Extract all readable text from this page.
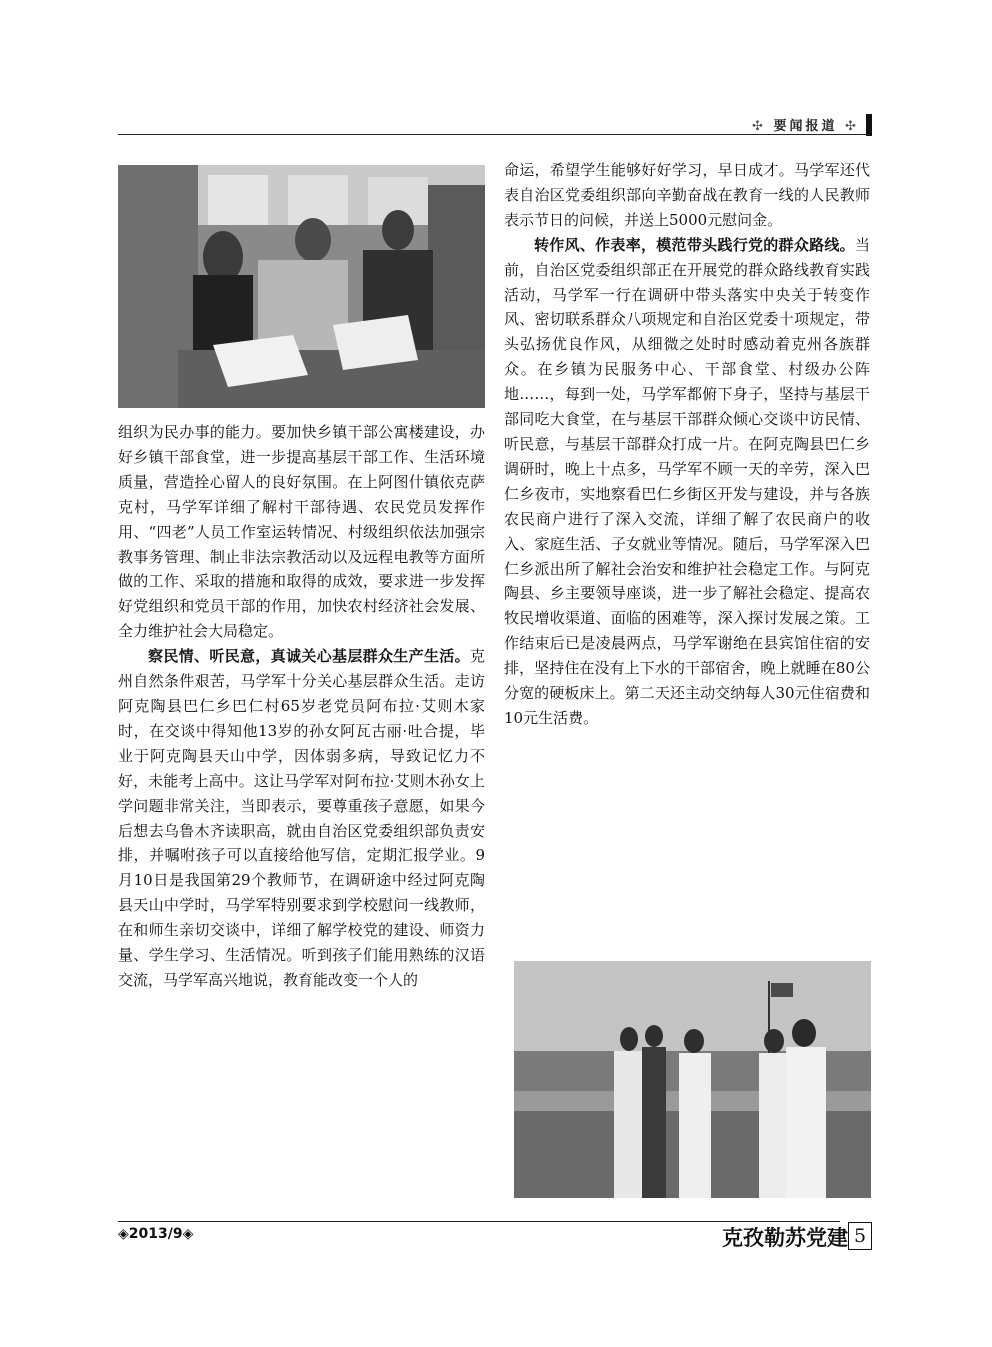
✣ 要闻报道 ✣

组织为民办事的能力。要加快乡镇干部公寓楼建设，办好乡镇干部食堂，进一步提高基层干部工作、生活环境质量，营造拴心留人的良好氛围。在上阿图什镇依克萨克村，马学军详细了解村干部待遇、农民党员发挥作用、“四老”人员工作室运转情况、村级组织依法加强宗教事务管理、制止非法宗教活动以及远程电教等方面所做的工作、采取的措施和取得的成效，要求进一步发挥好党组织和党员干部的作用，加快农村经济社会发展、全力维护社会大局稳定。

察民情、听民意，真诚关心基层群众生产生活。克州自然条件艰苦，马学军十分关心基层群众生活。走访阿克陶县巴仁乡巴仁村65岁老党员阿布拉·艾则木家时，在交谈中得知他13岁的孙女阿瓦古丽·吐合提，毕业于阿克陶县天山中学，因体弱多病，导致记忆力不好，未能考上高中。这让马学军对阿布拉·艾则木孙女上学问题非常关注，当即表示，要尊重孩子意愿，如果今后想去乌鲁木齐读职高，就由自治区党委组织部负责安排，并嘱咐孩子可以直接给他写信，定期汇报学业。9月10日是我国第29个教师节，在调研途中经过阿克陶县天山中学时，马学军特别要求到学校慰问一线教师，在和师生亲切交谈中，详细了解学校党的建设、师资力量、学生学习、生活情况。听到孩子们能用熟练的汉语交流，马学军高兴地说，教育能改变一个人的

命运，希望学生能够好好学习，早日成才。马学军还代表自治区党委组织部向辛勤奋战在教育一线的人民教师表示节日的问候，并送上5000元慰问金。

转作风、作表率，模范带头践行党的群众路线。当前，自治区党委组织部正在开展党的群众路线教育实践活动，马学军一行在调研中带头落实中央关于转变作风、密切联系群众八项规定和自治区党委十项规定，带头弘扬优良作风，从细微之处时时感动着克州各族群众。在乡镇为民服务中心、干部食堂、村级办公阵地……，每到一处，马学军都俯下身子，坚持与基层干部同吃大食堂，在与基层干部群众倾心交谈中访民情、听民意，与基层干部群众打成一片。在阿克陶县巴仁乡调研时，晚上十点多，马学军不顾一天的辛劳，深入巴仁乡夜市，实地察看巴仁乡街区开发与建设，并与各族农民商户进行了深入交流，详细了解了农民商户的收入、家庭生活、子女就业等情况。随后，马学军深入巴仁乡派出所了解社会治安和维护社会稳定工作。与阿克陶县、乡主要领导座谈，进一步了解社会稳定、提高农牧民增收渠道、面临的困难等，深入探讨发展之策。工作结束后已是凌晨两点，马学军谢绝在县宾馆住宿的安排，坚持住在没有上下水的干部宿舍，晚上就睡在80公分宽的硬板床上。第二天还主动交纳每人30元住宿费和10元生活费。

◈2013/9◈	克孜勒苏党建 5
